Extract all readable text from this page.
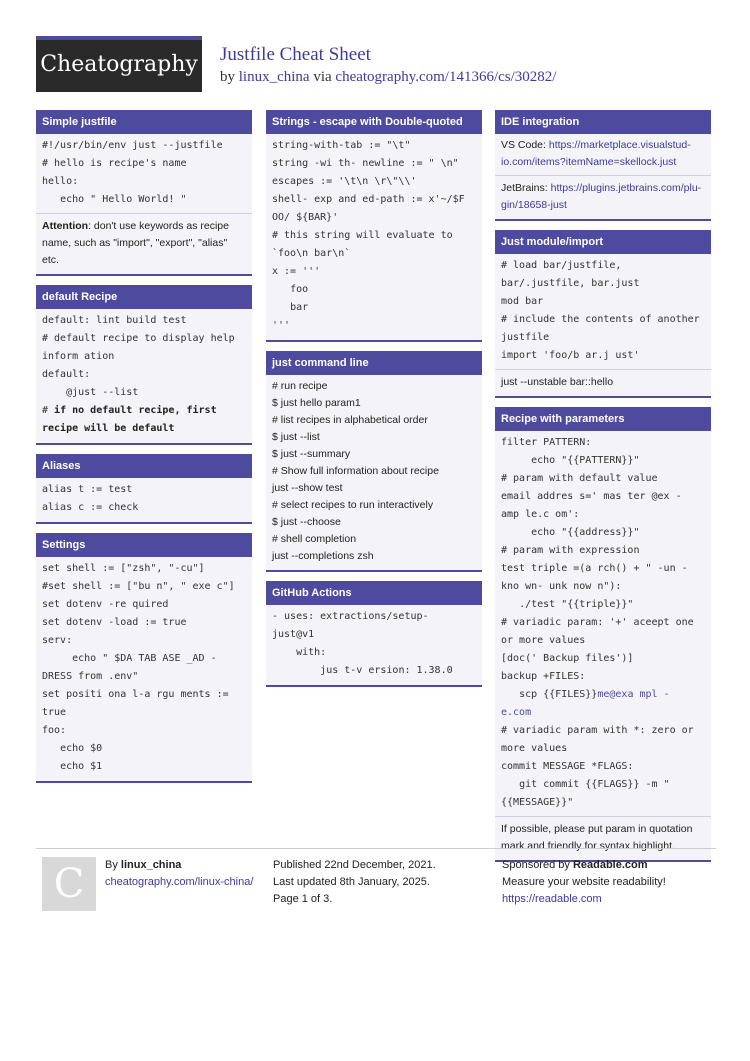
Cheatography Justfile Cheat Sheet
by linux_china via cheatography.com/141366/cs/30282/
Simple justfile
#!/usr/bin/env just --justfile
# hello is recipe's name
hello:
echo " Hello World! "
Attention: don't use keywords as recipe name, such as "import", "export", "alias" etc.
default Recipe
default: lint build test
# default recipe to display help inform ation
default:
@just --list
# if no default recipe, first recipe will be default
Aliases
alias t := test
alias c := check
Settings
set shell := ["zsh", "-cu"]
#set shell := ["bu n", " exe c"]
set dotenv -re quired
set dotenv -load := true
serv:
echo " $DA TAB ASE _AD - DRESS from .env"
set positi ona l-a rgu ments := true
foo:
echo $0
echo $1
Strings - escape with Double-quoted
string-with-tab := "\t"
string -wi th- newline := " \n"
escapes := '\t\n \r\"\\'
shell- exp and ed-path := x'~/$F OO/ ${BAR}'
# this string will evaluate to `foo\n bar\n`
x := '''
foo
bar
'''
just command line
# run recipe
$ just hello param1
# list recipes in alphabetical order
$ just --list
$ just --summary
# Show full information about recipe
just --show test
# select recipes to run interactively
$ just --choose
# shell completion
just --completions zsh
GitHub Actions
- uses: extractions/setup- just@v1
with:
jus t-v ersion: 1.38.0
IDE integration
VS Code: https://marketplace.visualstud- io.com/items?itemName=skellock.just
JetBrains: https://plugins.jetbrains.com/plu- gin/18658-just
Just module/import
# load bar/justfile, bar/.justfile, bar.just
mod bar
# include the contents of another justfile
import 'foo/b ar.j ust'
just --unstable bar::hello
Recipe with parameters
filter PATTERN:
echo "{{PATTERN}}"
# param with default value
email addres s=' mas ter @ex - amp le.c om':
echo "{{address}}"
# param with expression
test triple =(a rch() + " -un - kno wn- unk now n"):
./test "{{triple}}"
# variadic param: '+' aceept one or more values
[doc(' Backup files')]
backup +FILES:
scp {{FILES}}me@exa mpl - e.com
# variadic param with *: zero or more values
commit MESSAGE *FLAGS:
git commit {{FLAGS}} -m " {{MESSAGE}}"
If possible, please put param in quotation mark and friendly for syntax highlight.
C	By linux_china
cheatography.com/linux-china/
Published 22nd December, 2021.
Last updated 8th January, 2025.
Page 1 of 3.
Sponsored by Readable.com
Measure your website readability!
https://readable.com
